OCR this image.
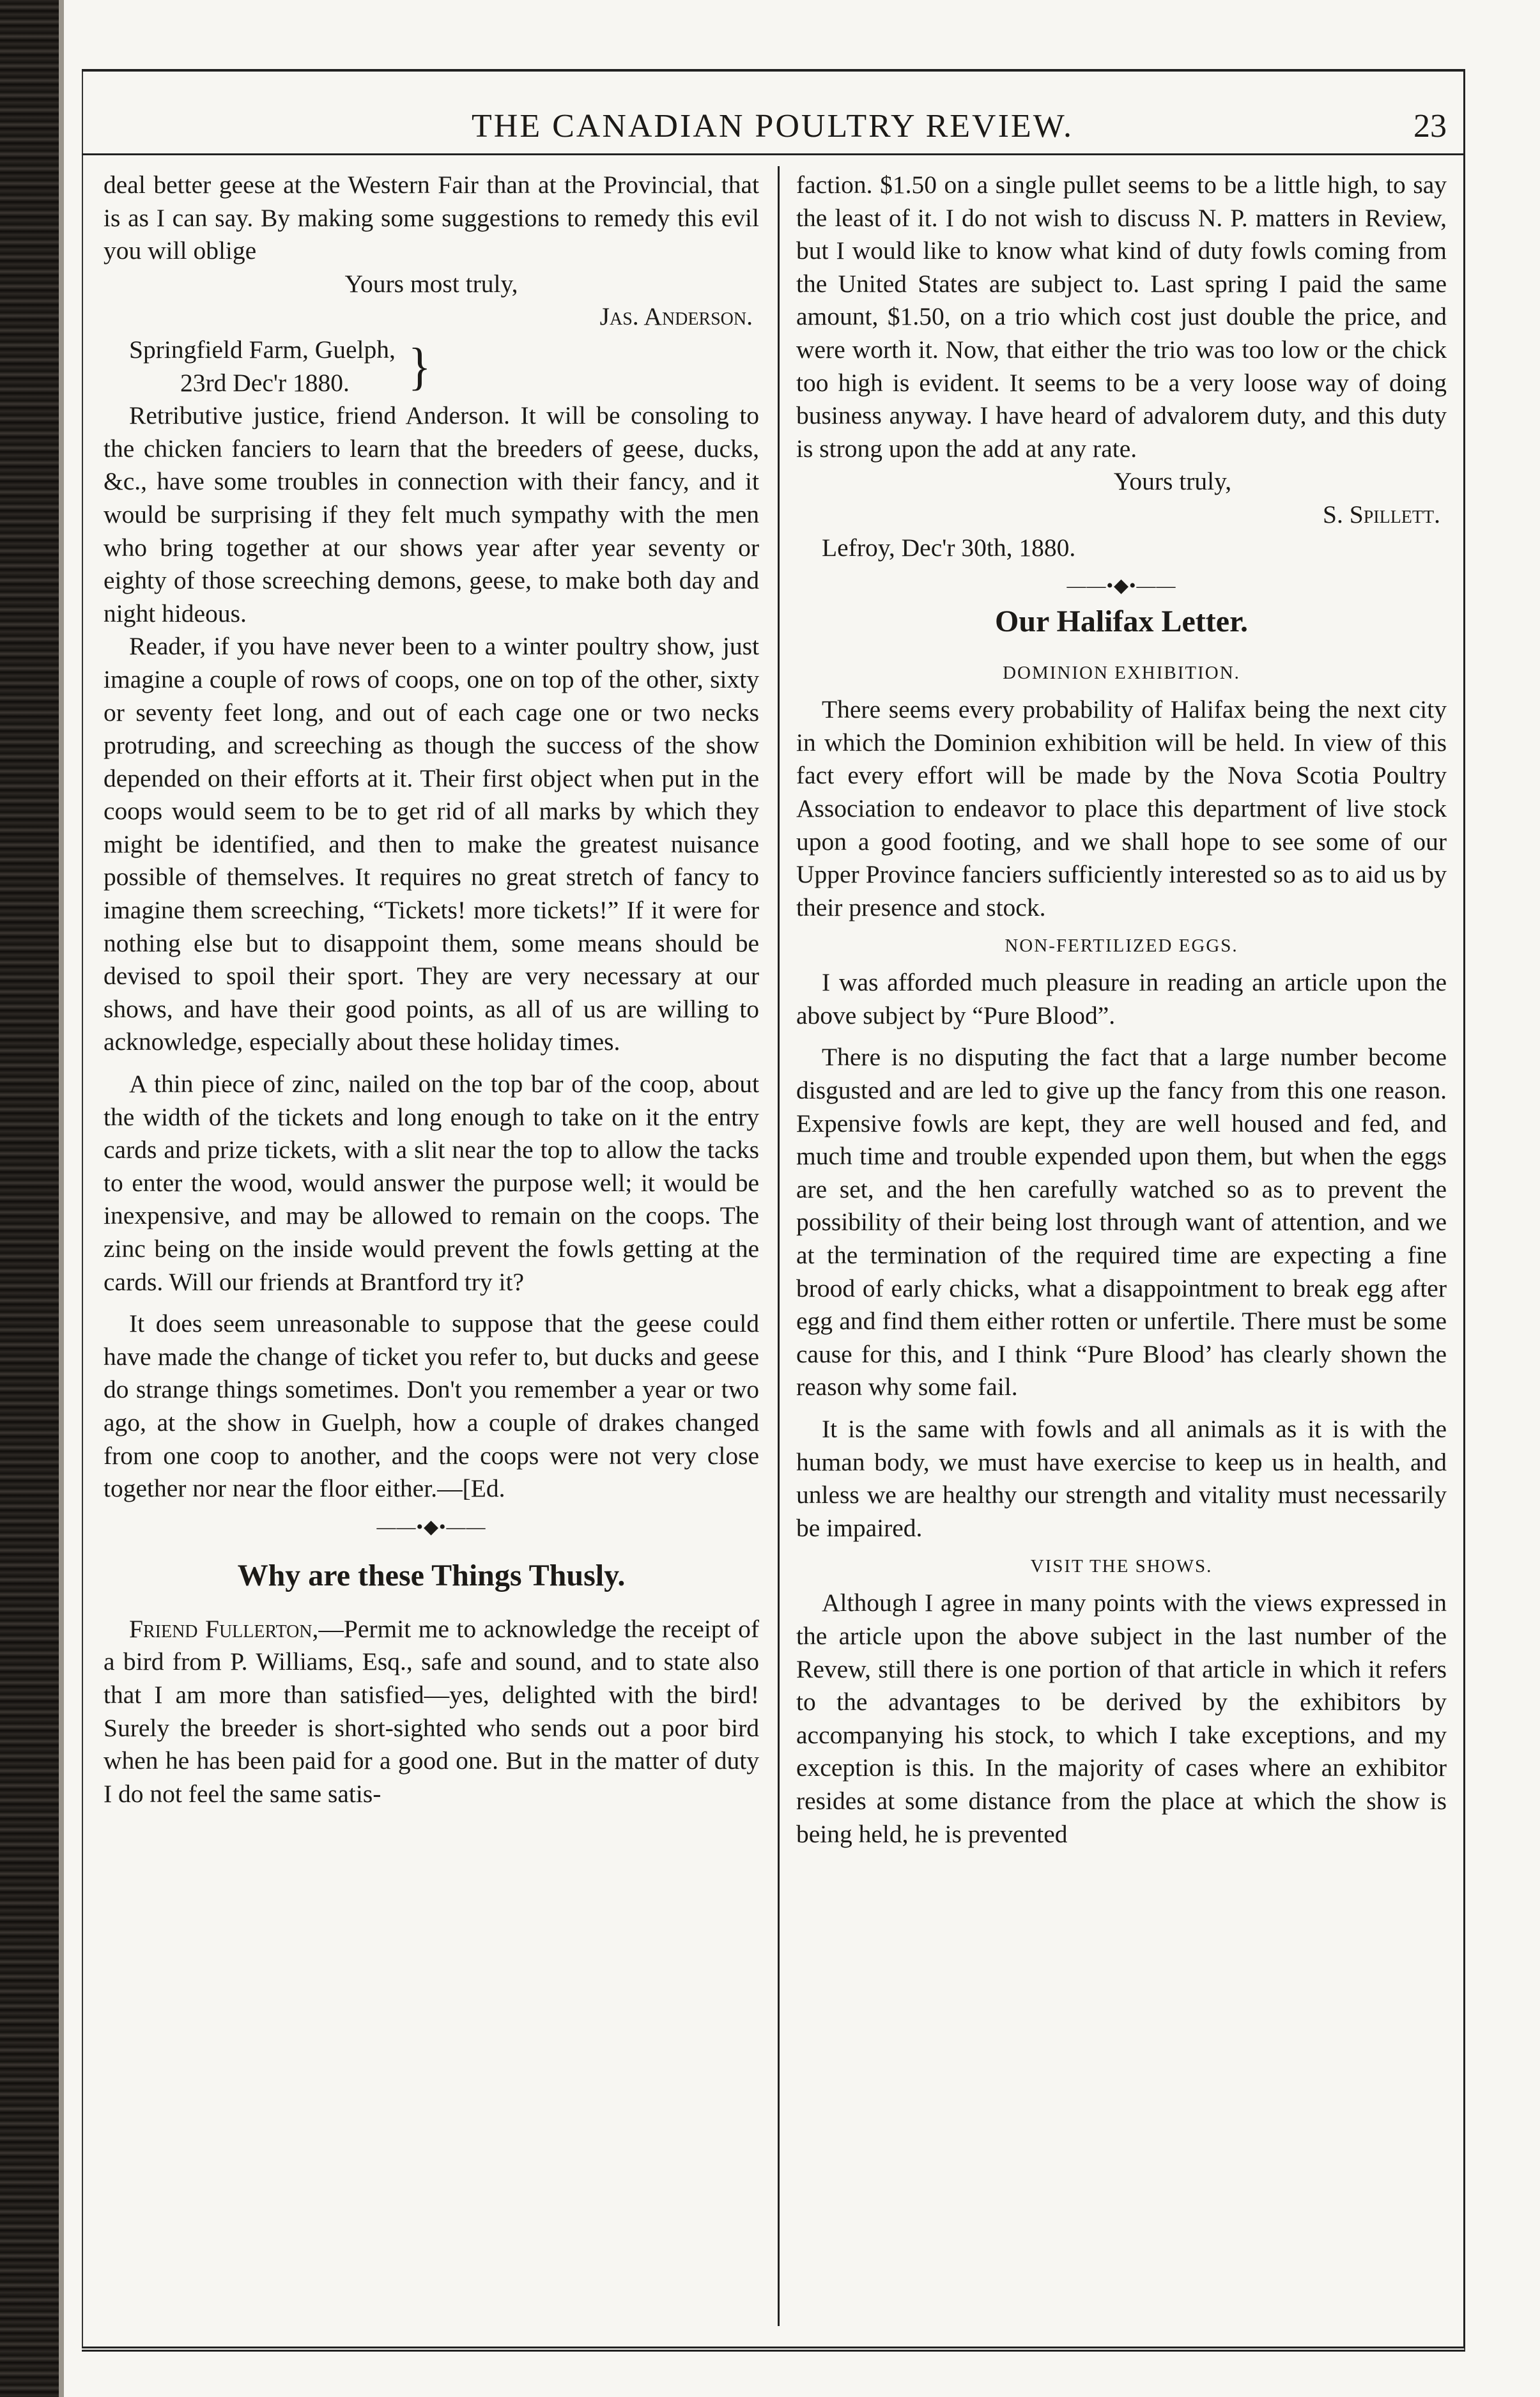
THE CANADIAN POULTRY REVIEW.	23

deal better geese at the Western Fair than at the Provincial, that is as I can say. By making some suggestions to remedy this evil you will oblige

Yours most truly,

Jas. Anderson.

Springfield Farm, Guelph,

23rd Dec'r 1880.	}

Retributive justice, friend Anderson. It will be consoling to the chicken fanciers to learn that the breeders of geese, ducks, &c., have some troubles in connection with their fancy, and it would be surprising if they felt much sympathy with the men who bring together at our shows year after year seventy or eighty of those screeching demons, geese, to make both day and night hideous.

Reader, if you have never been to a winter poultry show, just imagine a couple of rows of coops, one on top of the other, sixty or seventy feet long, and out of each cage one or two necks protruding, and screeching as though the success of the show depended on their efforts at it. Their first object when put in the coops would seem to be to get rid of all marks by which they might be identified, and then to make the greatest nuisance possible of themselves. It requires no great stretch of fancy to imagine them screeching, “Tickets! more tickets!” If it were for nothing else but to disappoint them, some means should be devised to spoil their sport. They are very necessary at our shows, and have their good points, as all of us are willing to acknowledge, especially about these holiday times.

A thin piece of zinc, nailed on the top bar of the coop, about the width of the tickets and long enough to take on it the entry cards and prize tickets, with a slit near the top to allow the tacks to enter the wood, would answer the purpose well; it would be inexpensive, and may be allowed to remain on the coops. The zinc being on the inside would prevent the fowls getting at the cards. Will our friends at Brantford try it?

It does seem unreasonable to suppose that the geese could have made the change of ticket you refer to, but ducks and geese do strange things sometimes. Don't you remember a year or two ago, at the show in Guelph, how a couple of drakes changed from one coop to another, and the coops were not very close together nor near the floor either.—[Ed.

——•◆•——

Why are these Things Thusly.

Friend Fullerton,—Permit me to acknowledge the receipt of a bird from P. Williams, Esq., safe and sound, and to state also that I am more than satisfied—yes, delighted with the bird! Surely the breeder is short-sighted who sends out a poor bird when he has been paid for a good one. But in the matter of duty I do not feel the same satis-

faction. $1.50 on a single pullet seems to be a little high, to say the least of it. I do not wish to discuss N. P. matters in Review, but I would like to know what kind of duty fowls coming from the United States are subject to. Last spring I paid the same amount, $1.50, on a trio which cost just double the price, and were worth it. Now, that either the trio was too low or the chick too high is evident. It seems to be a very loose way of doing business anyway. I have heard of advalorem duty, and this duty is strong upon the add at any rate.

Yours truly,

S. Spillett.

Lefroy, Dec'r 30th, 1880.

——•◆•——

Our Halifax Letter.

DOMINION EXHIBITION.

There seems every probability of Halifax being the next city in which the Dominion exhibition will be held. In view of this fact every effort will be made by the Nova Scotia Poultry Association to endeavor to place this department of live stock upon a good footing, and we shall hope to see some of our Upper Province fanciers sufficiently interested so as to aid us by their presence and stock.

NON-FERTILIZED EGGS.

I was afforded much pleasure in reading an article upon the above subject by “Pure Blood”.

There is no disputing the fact that a large number become disgusted and are led to give up the fancy from this one reason. Expensive fowls are kept, they are well housed and fed, and much time and trouble expended upon them, but when the eggs are set, and the hen carefully watched so as to prevent the possibility of their being lost through want of attention, and we at the termination of the required time are expecting a fine brood of early chicks, what a disappointment to break egg after egg and find them either rotten or unfertile. There must be some cause for this, and I think “Pure Blood’ has clearly shown the reason why some fail.

It is the same with fowls and all animals as it is with the human body, we must have exercise to keep us in health, and unless we are healthy our strength and vitality must necessarily be impaired.

VISIT THE SHOWS.

Although I agree in many points with the views expressed in the article upon the above subject in the last number of the Revew, still there is one portion of that article in which it refers to the advantages to be derived by the exhibitors by accompanying his stock, to which I take exceptions, and my exception is this. In the majority of cases where an exhibitor resides at some distance from the place at which the show is being held, he is prevented
